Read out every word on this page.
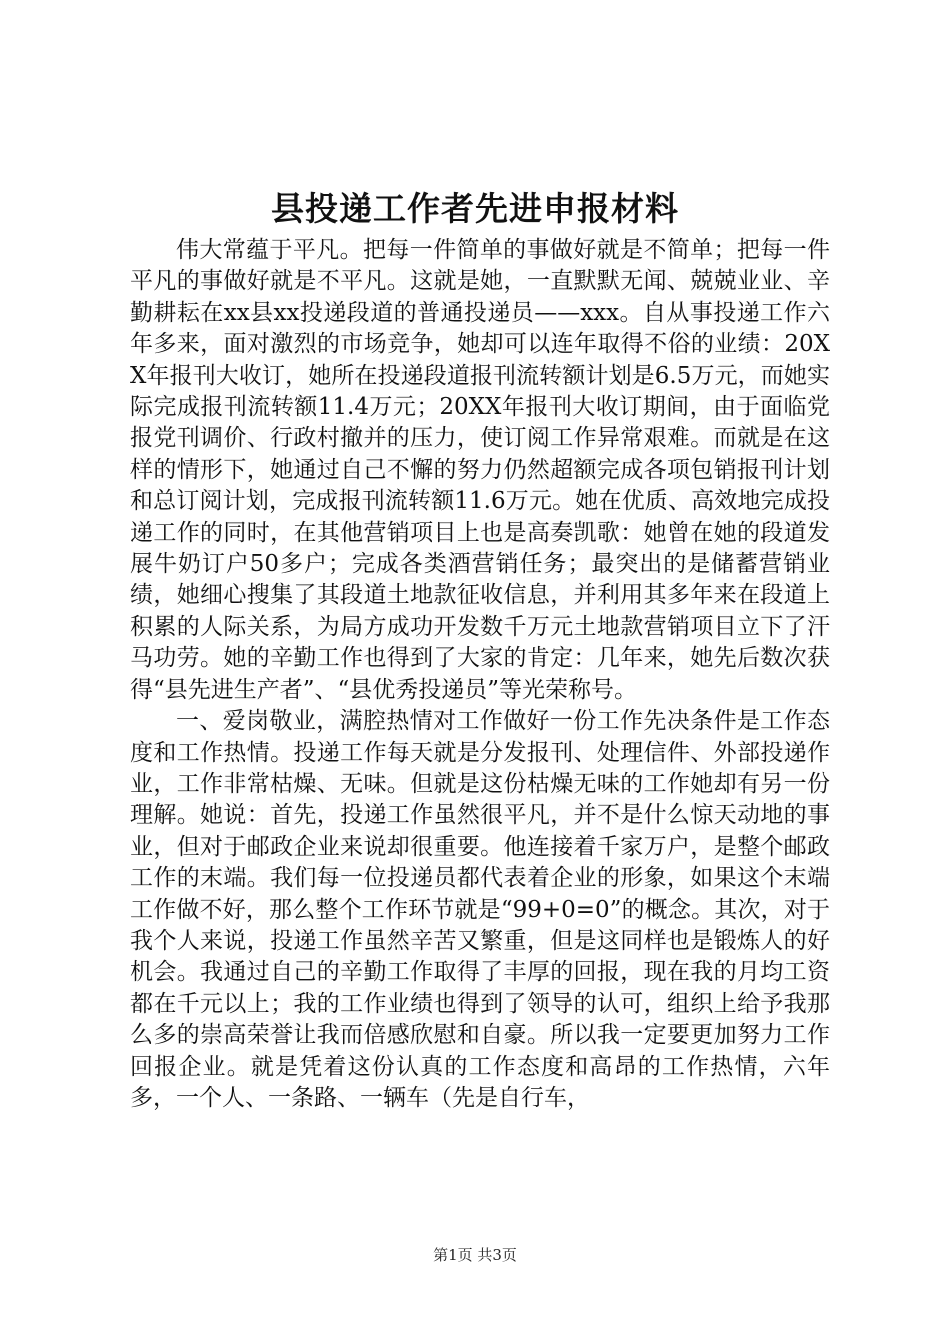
县投递工作者先进申报材料

伟大常蕴于平凡。把每一件简单的事做好就是不简单；把每一件平凡的事做好就是不平凡。这就是她，一直默默无闻、兢兢业业、辛勤耕耘在xx县xx投递段道的普通投递员——xxx。自从事投递工作六年多来，面对激烈的市场竞争，她却可以连年取得不俗的业绩：20XX年报刊大收订，她所在投递段道报刊流转额计划是6.5万元，而她实际完成报刊流转额11.4万元；20XX年报刊大收订期间，由于面临党报党刊调价、行政村撤并的压力，使订阅工作异常艰难。而就是在这样的情形下，她通过自己不懈的努力仍然超额完成各项包销报刊计划和总订阅计划，完成报刊流转额11.6万元。她在优质、高效地完成投递工作的同时，在其他营销项目上也是高奏凯歌：她曾在她的段道发展牛奶订户50多户；完成各类酒营销任务；最突出的是储蓄营销业绩，她细心搜集了其段道土地款征收信息，并利用其多年来在段道上积累的人际关系，为局方成功开发数千万元土地款营销项目立下了汗马功劳。她的辛勤工作也得到了大家的肯定：几年来，她先后数次获得“县先进生产者”、“县优秀投递员”等光荣称号。

一、爱岗敬业，满腔热情对工作做好一份工作先决条件是工作态度和工作热情。投递工作每天就是分发报刊、处理信件、外部投递作业，工作非常枯燥、无味。但就是这份枯燥无味的工作她却有另一份理解。她说：首先，投递工作虽然很平凡，并不是什么惊天动地的事业，但对于邮政企业来说却很重要。他连接着千家万户，是整个邮政工作的末端。我们每一位投递员都代表着企业的形象，如果这个末端工作做不好，那么整个工作环节就是“99+0=0”的概念。其次，对于我个人来说，投递工作虽然辛苦又繁重，但是这同样也是锻炼人的好机会。我通过自己的辛勤工作取得了丰厚的回报，现在我的月均工资都在千元以上；我的工作业绩也得到了领导的认可，组织上给予我那么多的崇高荣誉让我而倍感欣慰和自豪。所以我一定要更加努力工作回报企业。就是凭着这份认真的工作态度和高昂的工作热情，六年多，一个人、一条路、一辆车（先是自行车，

第1页 共3页
